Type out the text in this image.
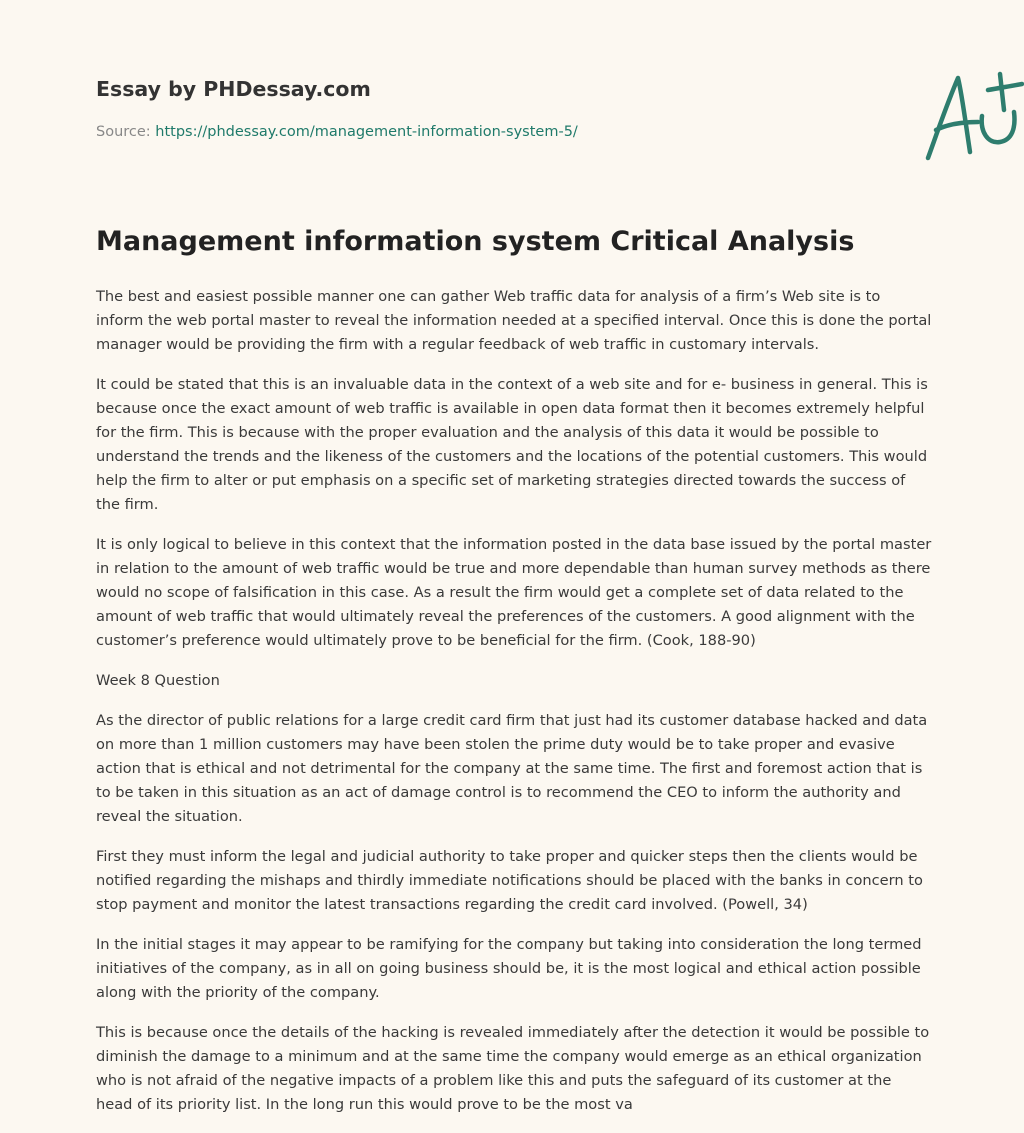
Essay by PHDessay.com
Source: https://phdessay.com/management-information-system-5/
Management information system Critical Analysis

The best and easiest possible manner one can gather Web traffic data for analysis of a firm’s Web site is to inform the web portal master to reveal the information needed at a specified interval. Once this is done the portal manager would be providing the firm with a regular feedback of web traffic in customary intervals.

It could be stated that this is an invaluable data in the context of a web site and for e- business in general. This is because once the exact amount of web traffic is available in open data format then it becomes extremely helpful for the firm. This is because with the proper evaluation and the analysis of this data it would be possible to understand the trends and the likeness of the customers and the locations of the potential customers. This would help the firm to alter or put emphasis on a specific set of marketing strategies directed towards the success of the firm.

It is only logical to believe in this context that the information posted in the data base issued by the portal master in relation to the amount of web traffic would be true and more dependable than human survey methods as there would no scope of falsification in this case. As a result the firm would get a complete set of data related to the amount of web traffic that would ultimately reveal the preferences of the customers. A good alignment with the customer’s preference would ultimately prove to be beneficial for the firm. (Cook, 188-90)

Week 8 Question

As the director of public relations for a large credit card firm that just had its customer database hacked and data on more than 1 million customers may have been stolen the prime duty would be to take proper and evasive action that is ethical and not detrimental for the company at the same time. The first and foremost action that is to be taken in this situation as an act of damage control is to recommend the CEO to inform the authority and reveal the situation.

First they must inform the legal and judicial authority to take proper and quicker steps then the clients would be notified regarding the mishaps and thirdly immediate notifications should be placed with the banks in concern to stop payment and monitor the latest transactions regarding the credit card involved. (Powell, 34)

In the initial stages it may appear to be ramifying for the company but taking into consideration the long termed initiatives of the company, as in all on going business should be, it is the most logical and ethical action possible along with the priority of the company.

This is because once the details of the hacking is revealed immediately after the detection it would be possible to diminish the damage to a minimum and at the same time the company would emerge as an ethical organization who is not afraid of the negative impacts of a problem like this and puts the safeguard of its customer at the head of its priority list. In the long run this would prove to be the most va
